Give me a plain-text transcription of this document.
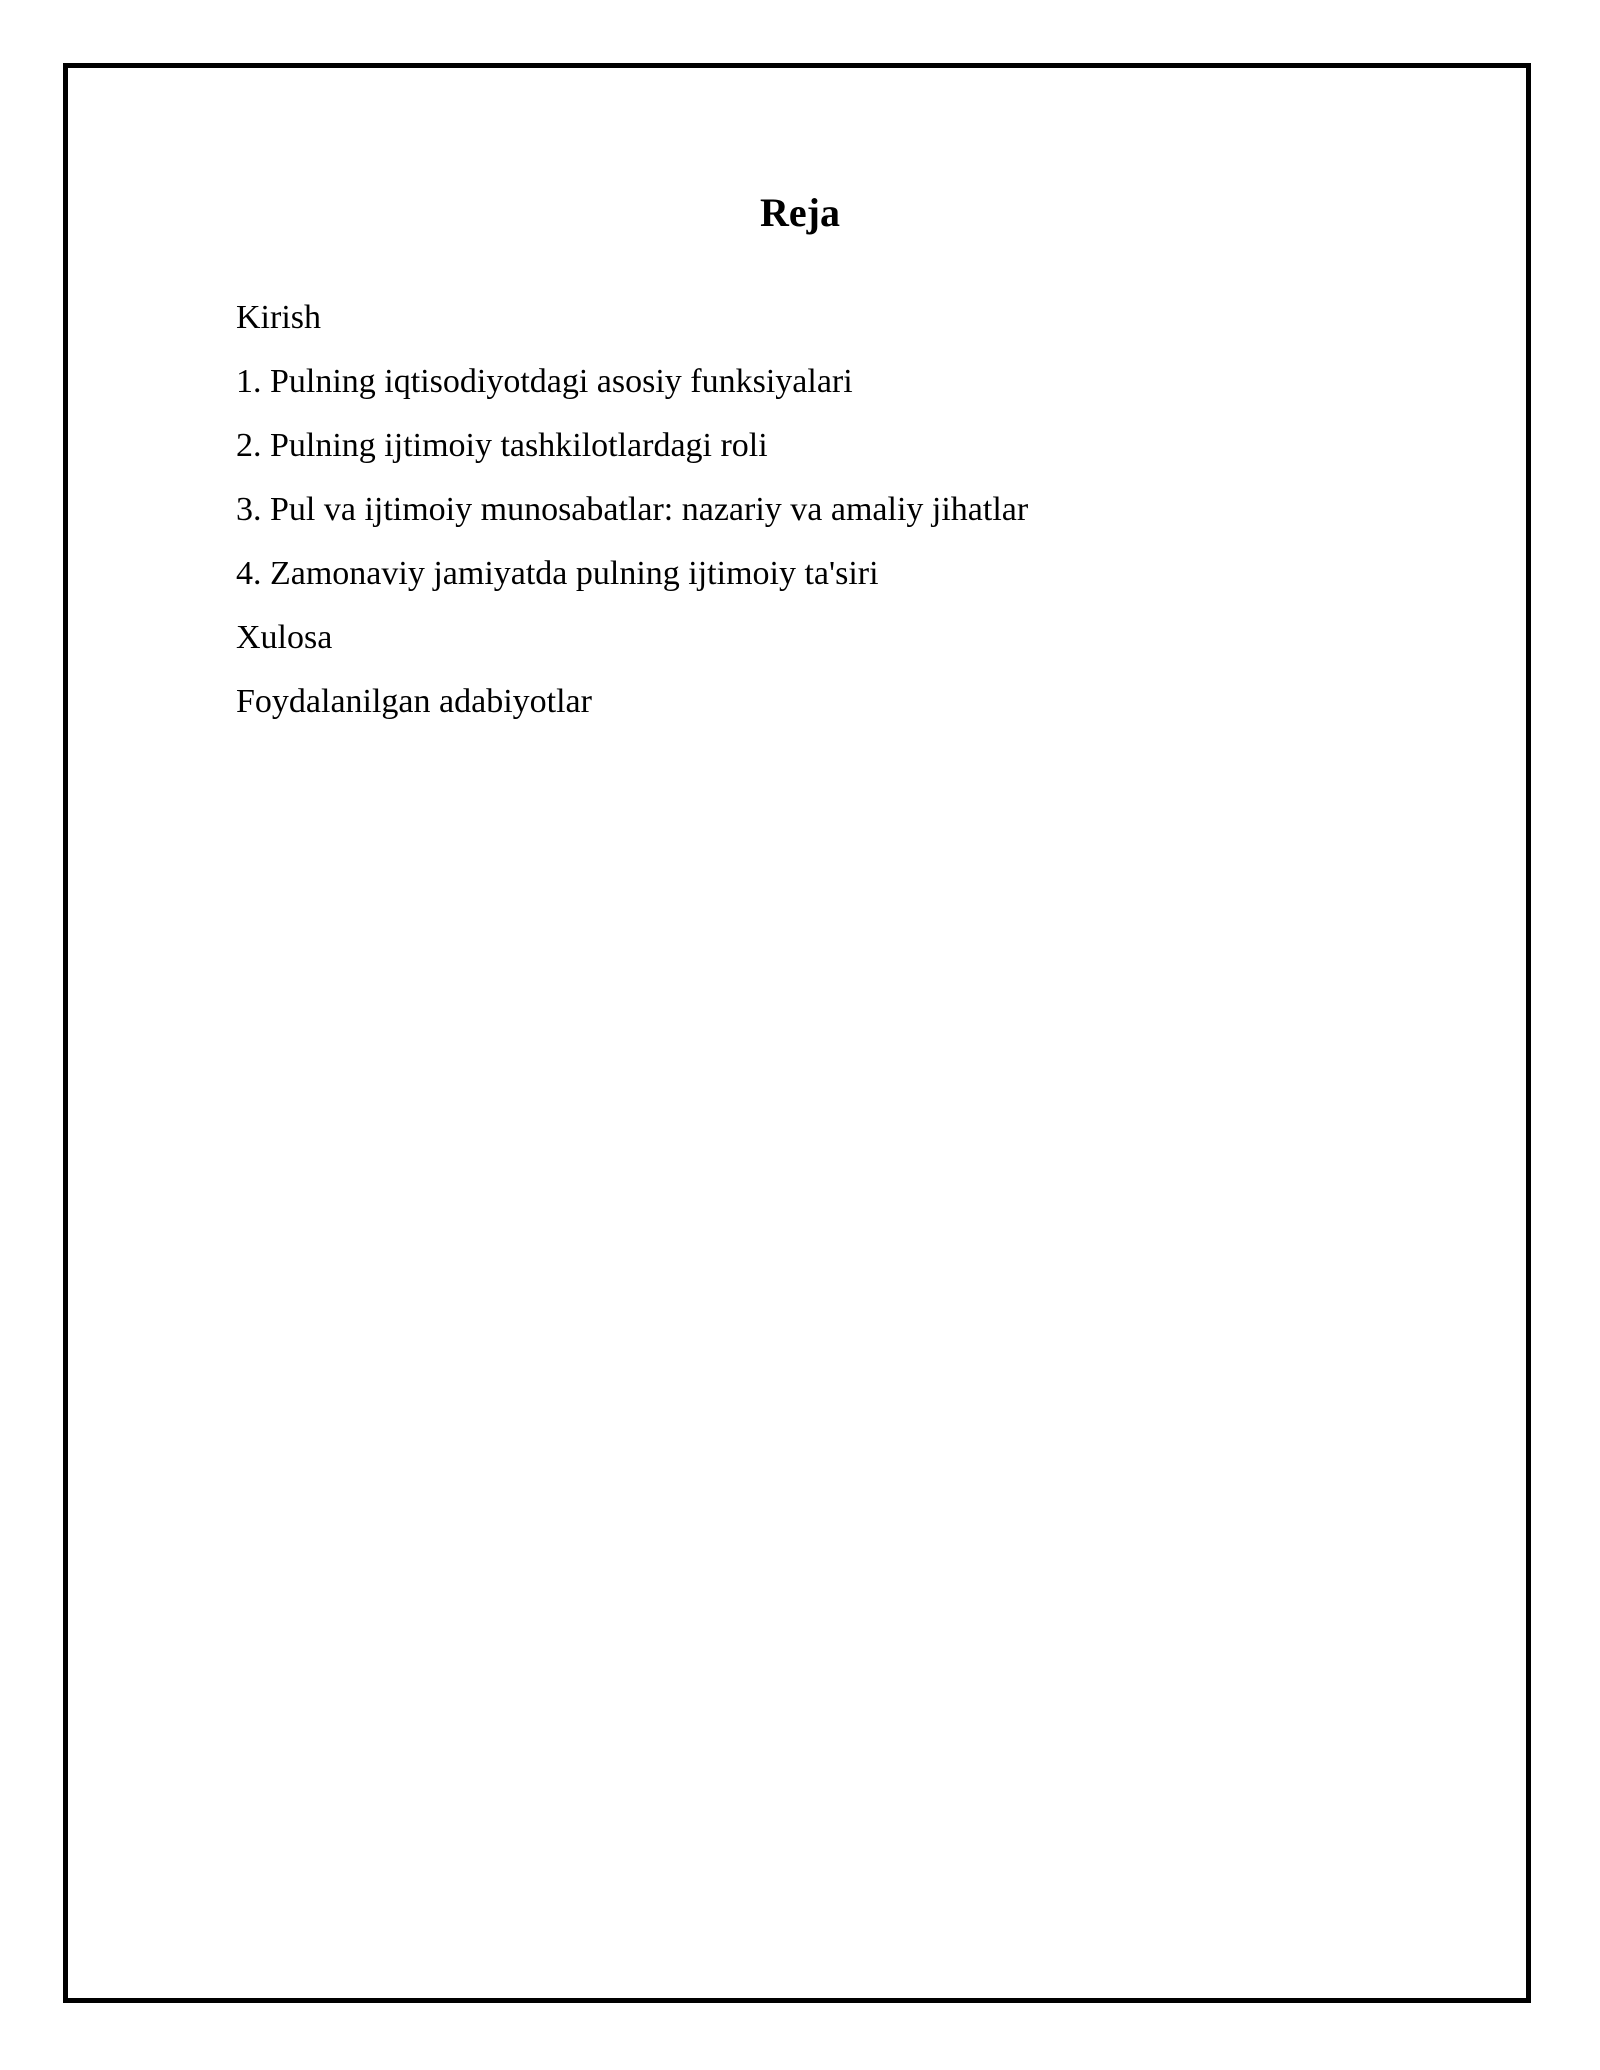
Reja
Kirish
1. Pulning iqtisodiyotdagi asosiy funksiyalari
2. Pulning ijtimoiy tashkilotlardagi roli
3. Pul va ijtimoiy munosabatlar: nazariy va amaliy jihatlar
4. Zamonaviy jamiyatda pulning ijtimoiy ta'siri
Xulosa
Foydalanilgan adabiyotlar
